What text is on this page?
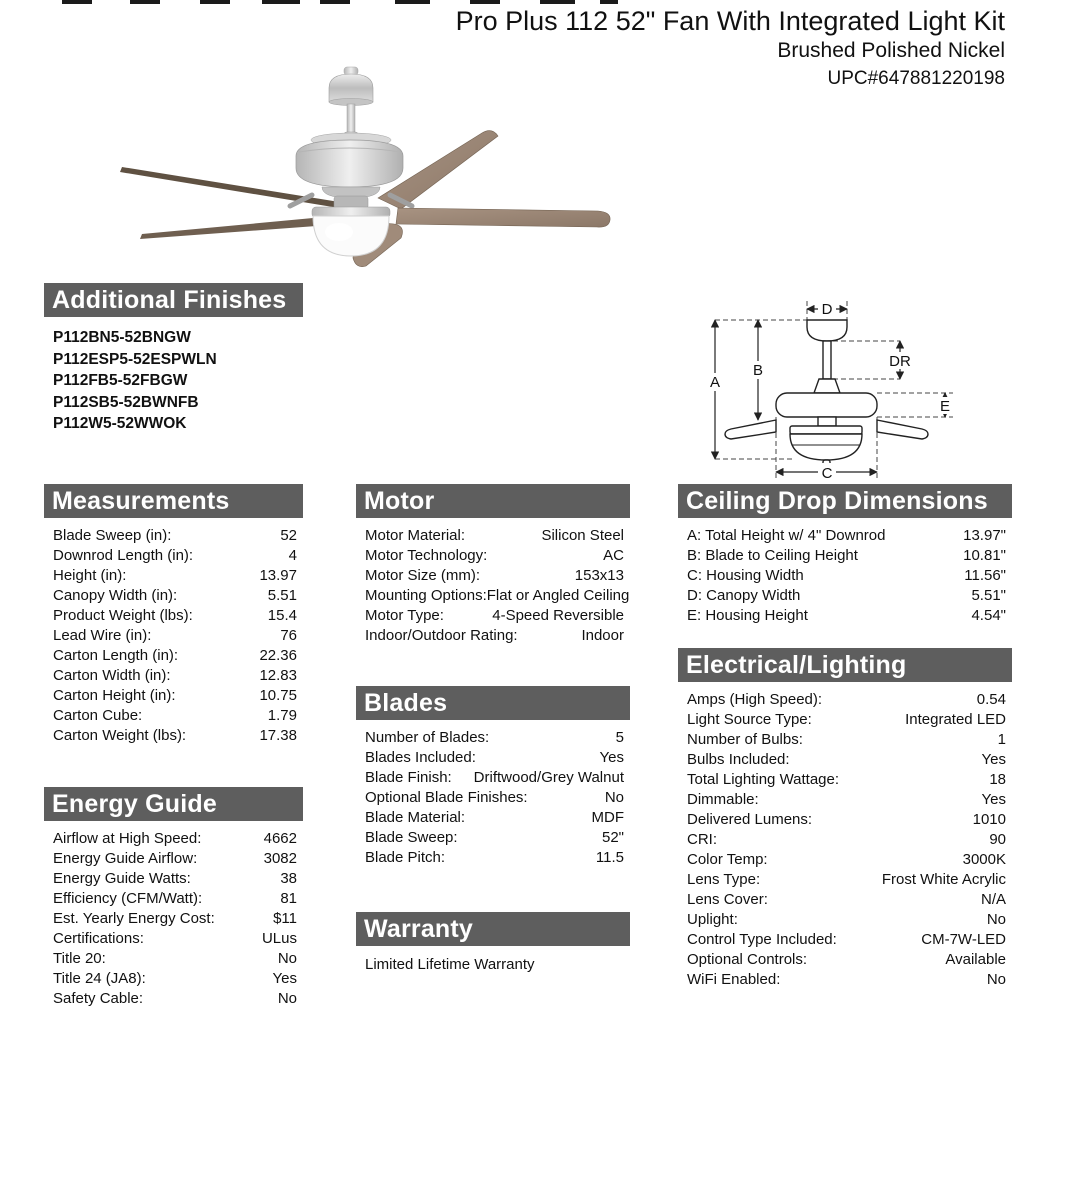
Pro Plus 112 52" Fan With Integrated Light Kit
Brushed Polished Nickel
UPC#647881220198
Additional Finishes
P112BN5-52BNGW
P112ESP5-52ESPWLN
P112FB5-52FBGW
P112SB5-52BWNFB
P112W5-52WWOK
A
B
D
DR
E
C
Measurements
Blade Sweep (in):	52
Downrod Length (in):	4
Height (in):	13.97
Canopy Width (in):	5.51
Product Weight (lbs):	15.4
Lead Wire (in):	76
Carton Length (in):	22.36
Carton Width (in):	12.83
Carton Height (in):	10.75
Carton Cube:	1.79
Carton Weight (lbs):	17.38
Energy Guide
Airflow at High Speed:	4662
Energy Guide Airflow:	3082
Energy Guide Watts:	38
Efficiency (CFM/Watt):	81
Est. Yearly Energy Cost:	$11
Certifications:	ULus
Title 20:	No
Title 24 (JA8):	Yes
Safety Cable:	No
Motor
Motor Material:	Silicon Steel
Motor Technology:	AC
Motor Size (mm):	153x13
Mounting Options: Flat or Angled Ceiling
Motor Type:	4-Speed Reversible
Indoor/Outdoor Rating:	Indoor
Blades
Number of Blades:	5
Blades Included:	Yes
Blade Finish: Driftwood/Grey Walnut
Optional Blade Finishes:	No
Blade Material:	MDF
Blade Sweep:	52"
Blade Pitch:	11.5
Warranty
Limited Lifetime Warranty
Ceiling Drop Dimensions
A: Total Height w/ 4" Downrod	13.97"
B: Blade to Ceiling Height	10.81"
C: Housing Width	11.56"
D: Canopy Width	5.51"
E: Housing Height	4.54"
Electrical/Lighting
Amps (High Speed):	0.54
Light Source Type:	Integrated LED
Number of Bulbs:	1
Bulbs Included:	Yes
Total Lighting Wattage:	18
Dimmable:	Yes
Delivered Lumens:	1010
CRI:	90
Color Temp:	3000K
Lens Type:	Frost White Acrylic
Lens Cover:	N/A
Uplight:	No
Control Type Included:	CM-7W-LED
Optional Controls:	Available
WiFi Enabled:	No
